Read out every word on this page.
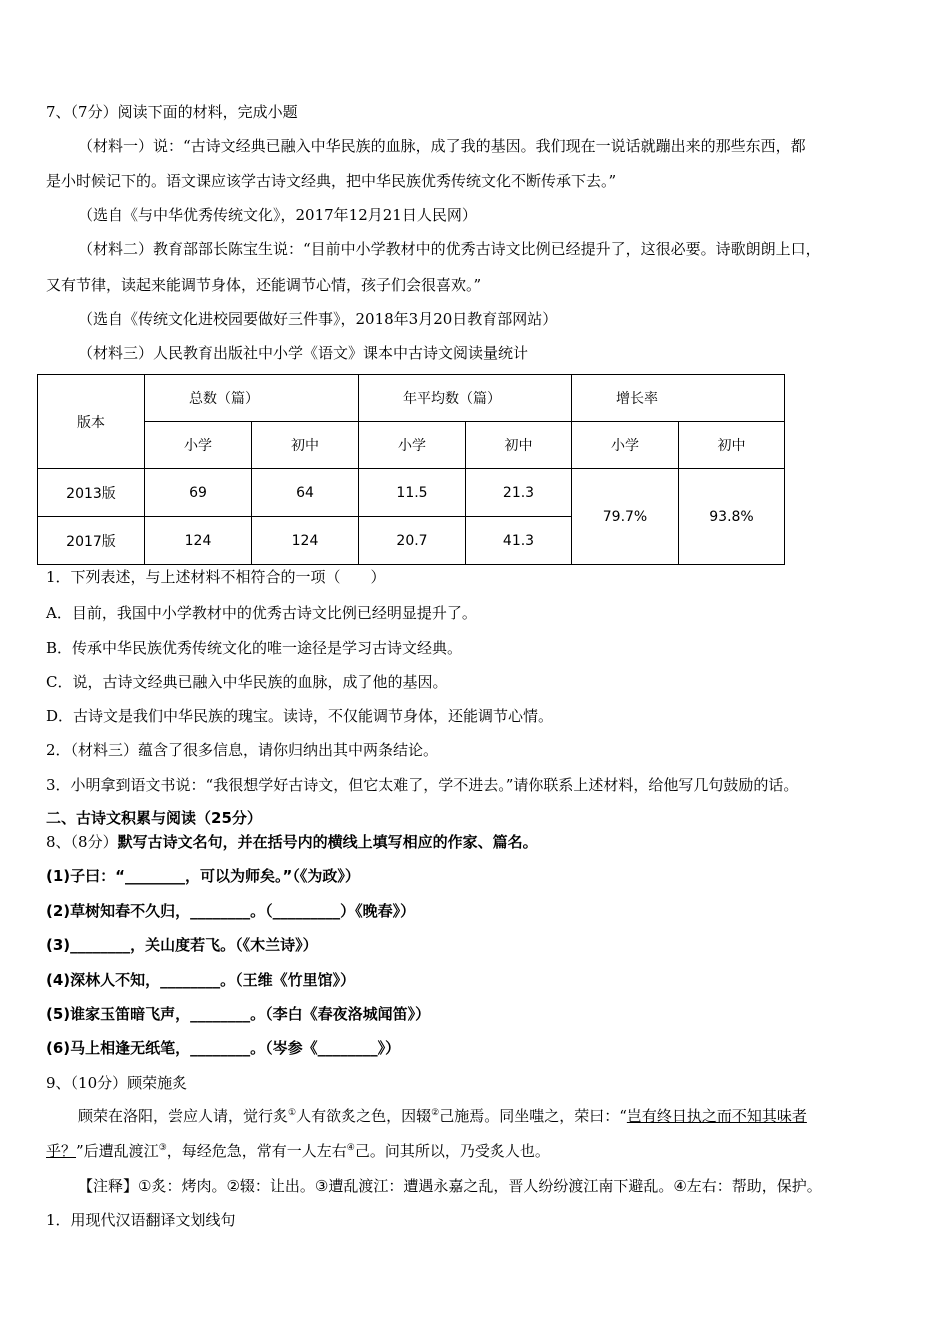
7、（7分）阅读下面的材料，完成小题
（材料一）说：“古诗文经典已融入中华民族的血脉，成了我的基因。我们现在一说话就蹦出来的那些东西，都
是小时候记下的。语文课应该学古诗文经典，把中华民族优秀传统文化不断传承下去。”
（选自《与中华优秀传统文化》，2017年12月21日人民网）
（材料二）教育部部长陈宝生说：“目前中小学教材中的优秀古诗文比例已经提升了，这很必要。诗歌朗朗上口，
又有节律，读起来能调节身体，还能调节心情，孩子们会很喜欢。”
（选自《传统文化进校园要做好三件事》，2018年3月20日教育部网站）
（材料三）人民教育出版社中小学《语文》课本中古诗文阅读量统计
版本	总数（篇）		年平均数（篇）		增长率	
	小学	初中	小学	初中	小学	初中
2013版	69	64	11.5	21.3	79.7%	93.8%
2017版	124	124	20.7	41.3		
1．下列表述，与上述材料不相符合的一项（　　）
A．目前，我国中小学教材中的优秀古诗文比例已经明显提升了。
B．传承中华民族优秀传统文化的唯一途径是学习古诗文经典。
C．说，古诗文经典已融入中华民族的血脉，成了他的基因。
D．古诗文是我们中华民族的瑰宝。读诗，不仅能调节身体，还能调节心情。
2．（材料三）蕴含了很多信息，请你归纳出其中两条结论。
3．小明拿到语文书说：“我很想学好古诗文，但它太难了，学不进去。”请你联系上述材料，给他写几句鼓励的话。
二、古诗文积累与阅读（25分）
8、（8分）默写古诗文名句，并在括号内的横线上填写相应的作家、篇名。
(1)子曰：“________，可以为师矣。”（《为政》）
(2)草树知春不久归，________。（_________）《晚春》）
(3)________，关山度若飞。（《木兰诗》）
(4)深林人不知，________。（王维《竹里馆》）
(5)谁家玉笛暗飞声，________。（李白《春夜洛城闻笛》）
(6)马上相逢无纸笔，________。（岑参《________》）
9、（10分）顾荣施炙
顾荣在洛阳，尝应人请，觉行炙①人有欲炙之色，因辍②己施焉。同坐嗤之，荣曰：“岂有终日执之而不知其味者
乎？”后遭乱渡江③，每经危急，常有一人左右④己。问其所以，乃受炙人也。
【注释】①炙：烤肉。②辍：让出。③遭乱渡江：遭遇永嘉之乱，晋人纷纷渡江南下避乱。④左右：帮助，保护。
1．用现代汉语翻译文划线句
